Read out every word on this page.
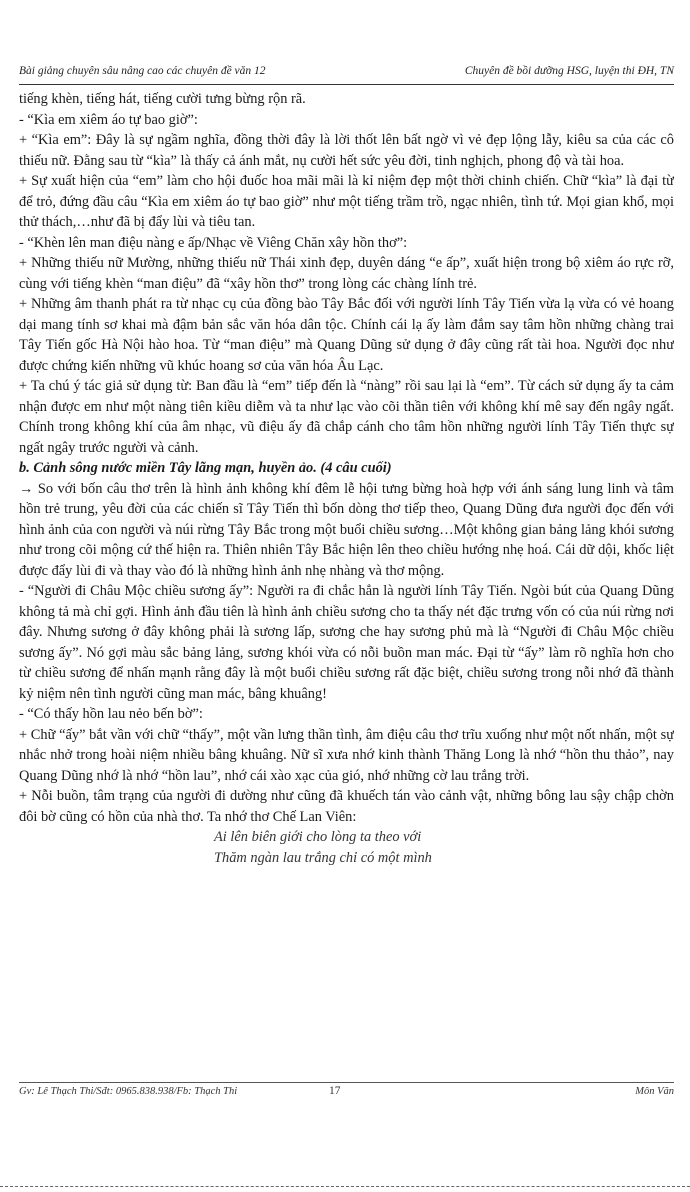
Bài giảng chuyên sâu nâng cao các chuyên đề văn 12	Chuyên đề bồi dưỡng HSG, luyện thi ĐH, TN

tiếng khèn, tiếng hát, tiếng cười tưng bừng rộn rã.

- “Kìa em xiêm áo tự bao giờ”:

+ “Kìa em”: Đây là sự ngầm nghĩa, đồng thời đây là lời thốt lên bất ngờ vì vẻ đẹp lộng lẫy, kiêu sa của các cô thiếu nữ. Đằng sau từ “kìa” là thấy cả ánh mắt, nụ cười hết sức yêu đời, tinh nghịch, phong độ và tài hoa.

+ Sự xuất hiện của “em” làm cho hội đuốc hoa mãi mãi là kỉ niệm đẹp một thời chinh chiến. Chữ “kìa” là đại từ để trỏ, đứng đầu câu “Kìa em xiêm áo tự bao giờ” như một tiếng trầm trồ, ngạc nhiên, tình tứ. Mọi gian khổ, mọi thử thách,…như đã bị đẩy lùi và tiêu tan.

- “Khèn lên man điệu nàng e ấp/Nhạc về Viêng Chăn xây hồn thơ”:

+ Những thiếu nữ Mường, những thiếu nữ Thái xinh đẹp, duyên dáng “e ấp”, xuất hiện trong bộ xiêm áo rực rỡ, cùng với tiếng khèn “man điệu” đã “xây hồn thơ” trong lòng các chàng lính trẻ.

+ Những âm thanh phát ra từ nhạc cụ của đồng bào Tây Bắc đối với người lính Tây Tiến vừa lạ vừa có vẻ hoang dại mang tính sơ khai mà đậm bản sắc văn hóa dân tộc. Chính cái lạ ấy làm đắm say tâm hồn những chàng trai Tây Tiến gốc Hà Nội hào hoa. Từ “man điệu” mà Quang Dũng sử dụng ở đây cũng rất tài hoa. Người đọc như được chứng kiến những vũ khúc hoang sơ của văn hóa Âu Lạc.

+ Ta chú ý tác giả sử dụng từ: Ban đầu là “em” tiếp đến là “nàng” rồi sau lại là “em”. Từ cách sử dụng ấy ta cảm nhận được em như một nàng tiên kiều diễm và ta như lạc vào cõi thần tiên với không khí mê say đến ngây ngất. Chính trong không khí của âm nhạc, vũ điệu ấy đã chắp cánh cho tâm hồn những người lính Tây Tiến thực sự ngất ngây trước người và cảnh.

b. Cảnh sông nước miền Tây lãng mạn, huyền ảo. (4 câu cuối)

→ So với bốn câu thơ trên là hình ảnh không khí đêm lễ hội tưng bừng hoà hợp với ánh sáng lung linh và tâm hồn trẻ trung, yêu đời của các chiến sĩ Tây Tiến thì bốn dòng thơ tiếp theo, Quang Dũng đưa người đọc đến với hình ảnh của con người và núi rừng Tây Bắc trong một buổi chiều sương…Một không gian bảng lảng khói sương như trong cõi mộng cứ thế hiện ra. Thiên nhiên Tây Bắc hiện lên theo chiều hướng nhẹ hoá. Cái dữ dội, khốc liệt được đẩy lùi đi và thay vào đó là những hình ảnh nhẹ nhàng và thơ mộng.

- “Người đi Châu Mộc chiều sương ấy”: Người ra đi chắc hẳn là người lính Tây Tiến. Ngòi bút của Quang Dũng không tả mà chỉ gợi. Hình ảnh đầu tiên là hình ảnh chiều sương cho ta thấy nét đặc trưng vốn có của núi rừng nơi đây. Nhưng sương ở đây không phải là sương lấp, sương che hay sương phủ mà là “Người đi Châu Mộc chiều sương ấy”. Nó gợi màu sắc bảng lảng, sương khói vừa có nỗi buồn man mác. Đại từ “ấy” làm rõ nghĩa hơn cho từ chiều sương để nhấn mạnh rằng đây là một buổi chiều sương rất đặc biệt, chiều sương trong nỗi nhớ đã thành kỷ niệm nên tình người cũng man mác, bâng khuâng!

- “Có thấy hồn lau nẻo bến bờ”:

+ Chữ “ấy” bắt vần với chữ “thấy”, một vần lưng thần tình, âm điệu câu thơ trĩu xuống như một nốt nhấn, một sự nhắc nhở trong hoài niệm nhiều bâng khuâng. Nữ sĩ xưa nhớ kinh thành Thăng Long là nhớ “hồn thu thảo”, nay Quang Dũng nhớ là nhớ “hồn lau”, nhớ cái xào xạc của gió, nhớ những cờ lau trắng trời.

+ Nỗi buồn, tâm trạng của người đi dường như cũng đã khuếch tán vào cảnh vật, những bông lau sậy chập chờn đôi bờ cũng có hồn của nhà thơ. Ta nhớ thơ Chế Lan Viên:

Ai lên biên giới cho lòng ta theo với

Thăm ngàn lau trắng chỉ có một mình

Gv: Lê Thạch Thi/Sđt: 0965.838.938/Fb: Thạch Thi	17	Môn Văn
